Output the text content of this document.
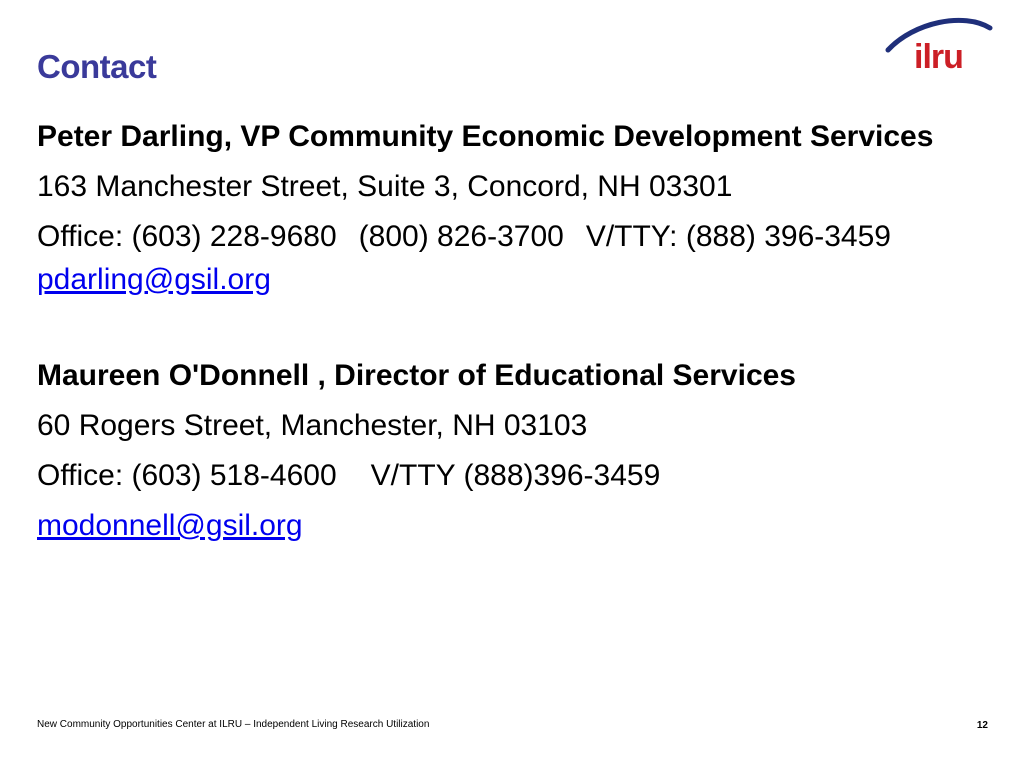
Contact	ilru

Peter Darling, VP Community Economic Development Services

163 Manchester Street, Suite 3, Concord, NH 03301

Office: (603) 228-9680 (800) 826-3700 V/TTY: (888) 396-3459 pdarling@gsil.org

Maureen O'Donnell , Director of Educational Services

60 Rogers Street, Manchester, NH 03103

Office: (603) 518-4600 V/TTY (888)396-3459

modonnell@gsil.org

New Community Opportunities Center at ILRU – Independent Living Research Utilization	12
